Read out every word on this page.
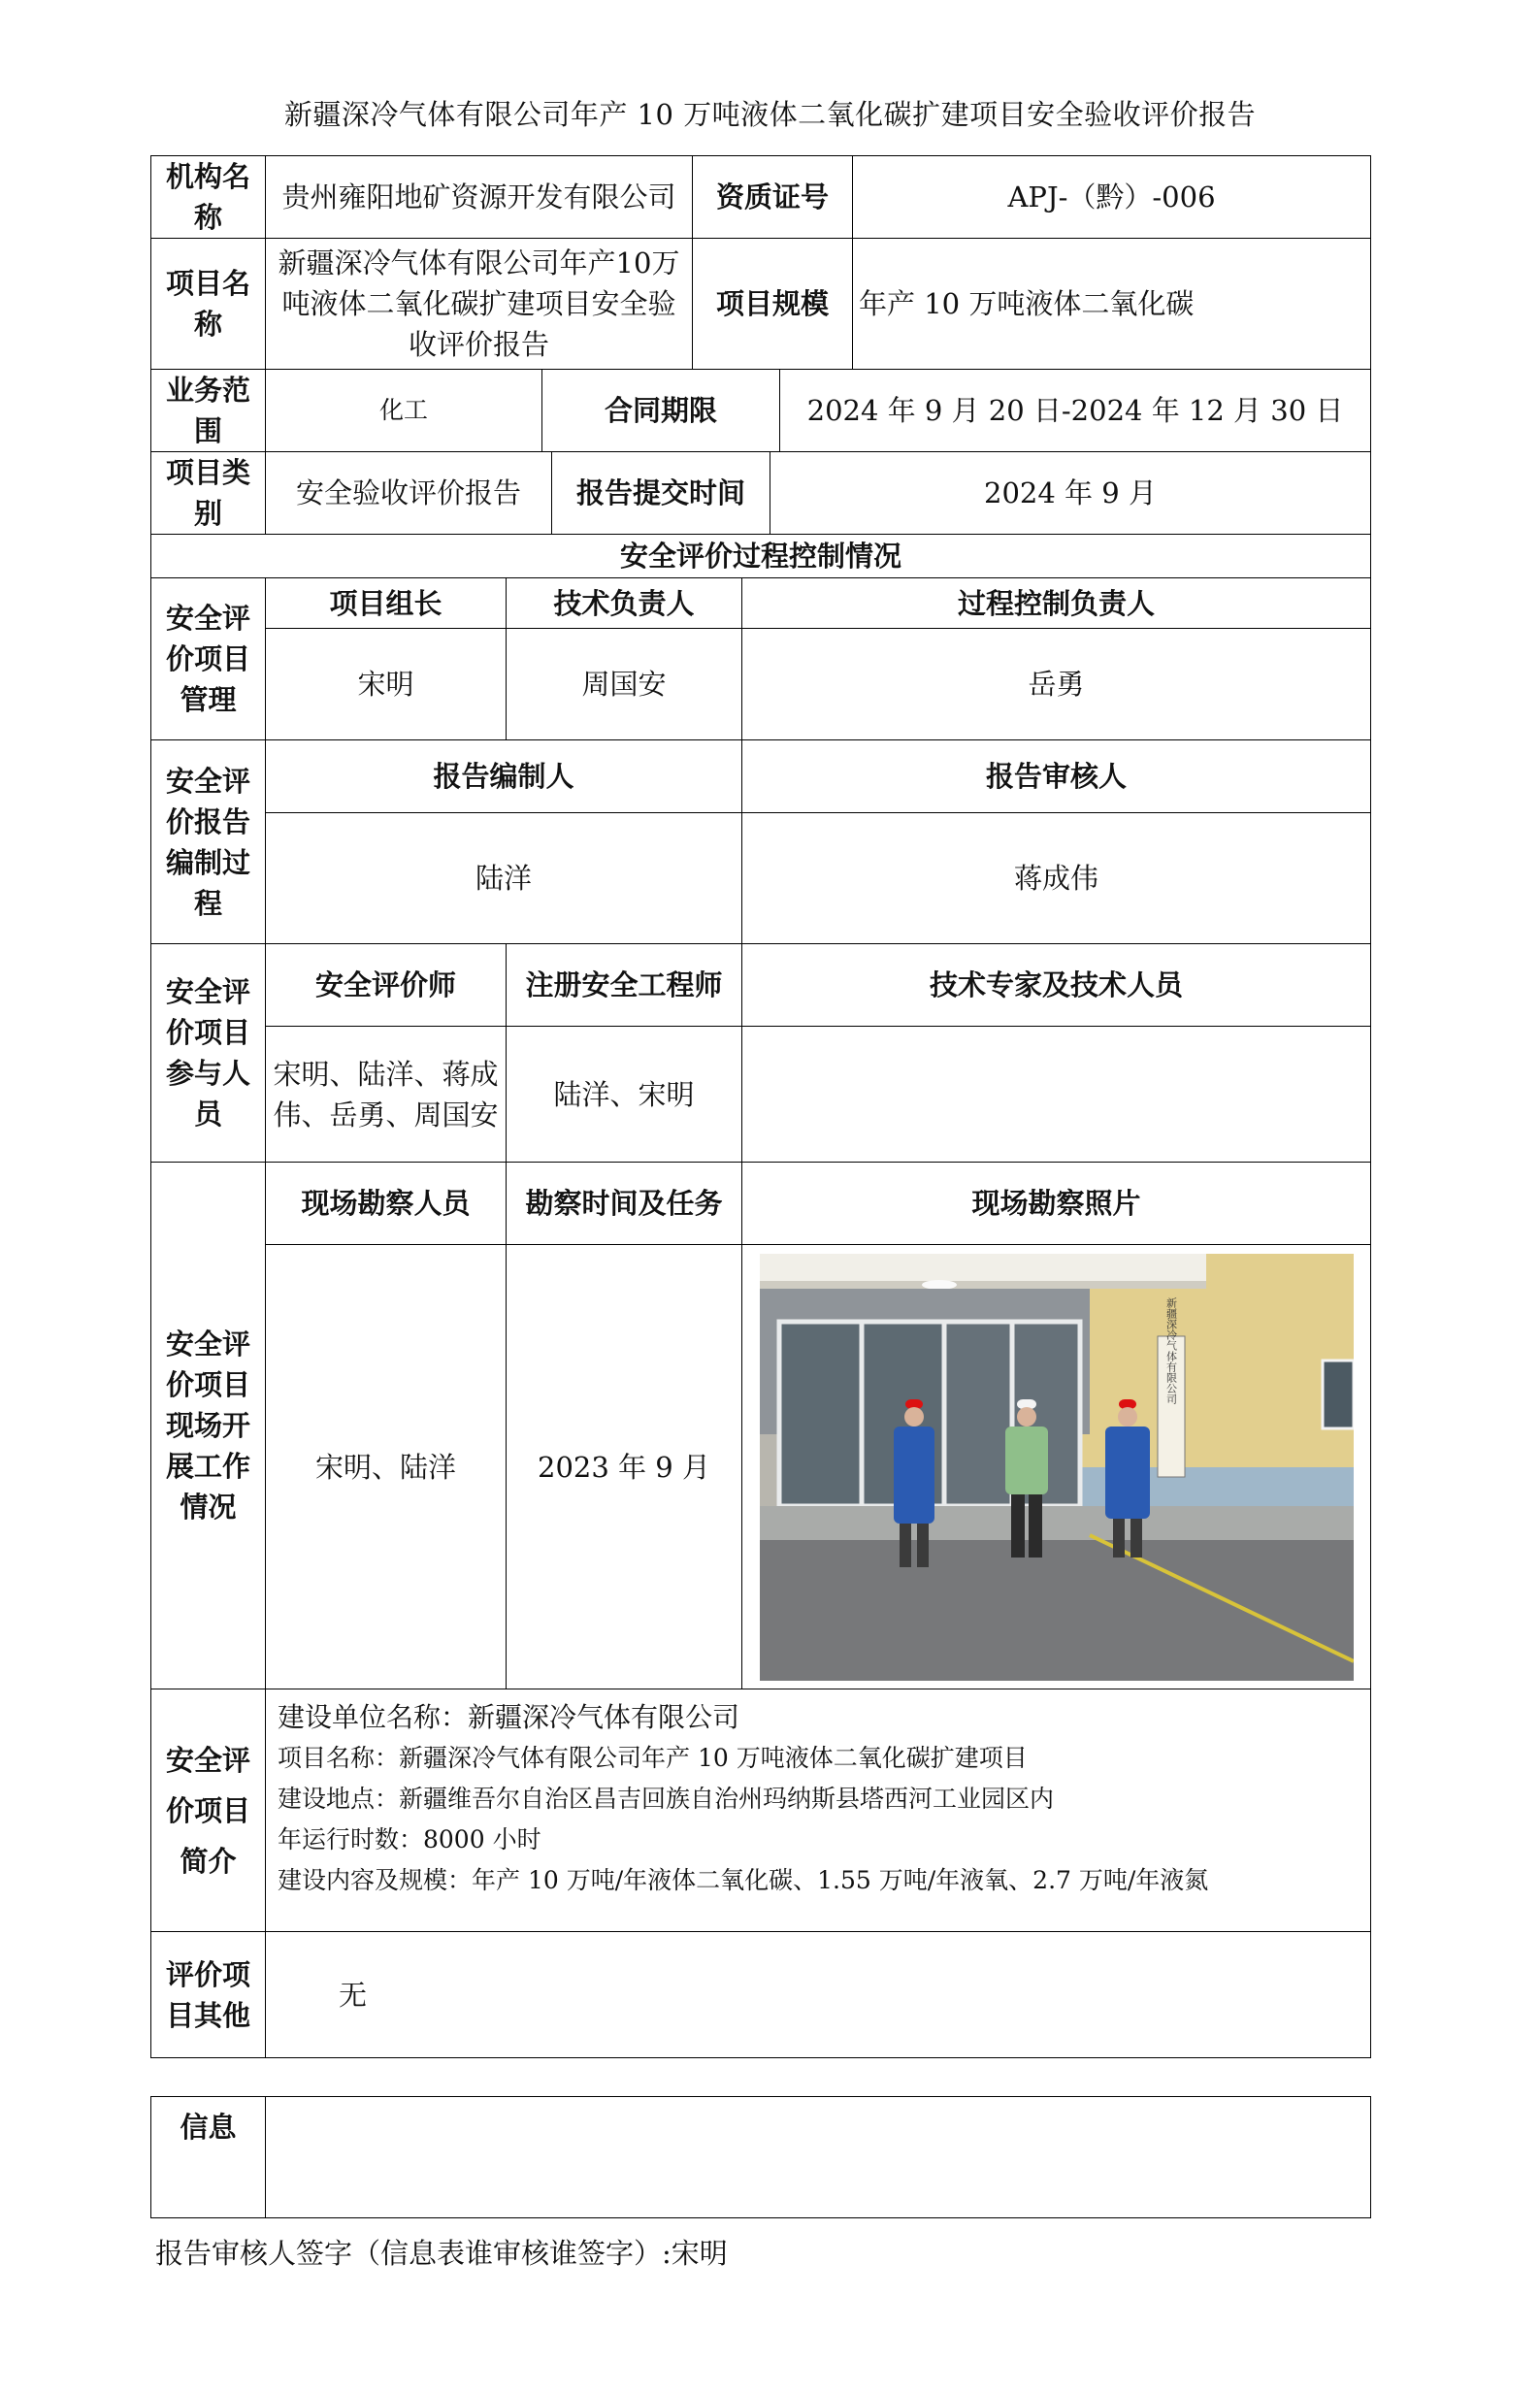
新疆深冷气体有限公司年产 10 万吨液体二氧化碳扩建项目安全验收评价报告
机构名称	贵州雍阳地矿资源开发有限公司	资质证号	APJ-（黔）-006
项目名称	新疆深冷气体有限公司年产10万吨液体二氧化碳扩建项目安全验收评价报告	项目规模	年产 10 万吨液体二氧化碳
业务范围	化工	合同期限	2024 年 9 月 20 日-2024 年 12 月 30 日
项目类别	安全验收评价报告	报告提交时间	2024 年 9 月
安全评价过程控制情况
安全评价项目管理	项目组长	技术负责人	过程控制负责人
	宋明	周国安	岳勇
安全评价报告编制过程	报告编制人	报告审核人
	陆洋	蒋成伟
安全评价项目参与人员	安全评价师	注册安全工程师	技术专家及技术人员
	宋明、陆洋、蒋成伟、岳勇、周国安	陆洋、宋明	
安全评价项目现场开展工作情况	现场勘察人员	勘察时间及任务	现场勘察照片
	宋明、陆洋	2023 年 9 月	新疆深冷气体有限公司
安全评价项目简介	建设单位名称：新疆深冷气体有限公司
项目名称：新疆深冷气体有限公司年产 10 万吨液体二氧化碳扩建项目
建设地点：新疆维吾尔自治区昌吉回族自治州玛纳斯县塔西河工业园区内
年运行时数：8000 小时
建设内容及规模：年产 10 万吨/年液体二氧化碳、1.55 万吨/年液氧、2.7 万吨/年液氮

评价项目其他	无
信息	
报告审核人签字（信息表谁审核谁签字）:宋明
